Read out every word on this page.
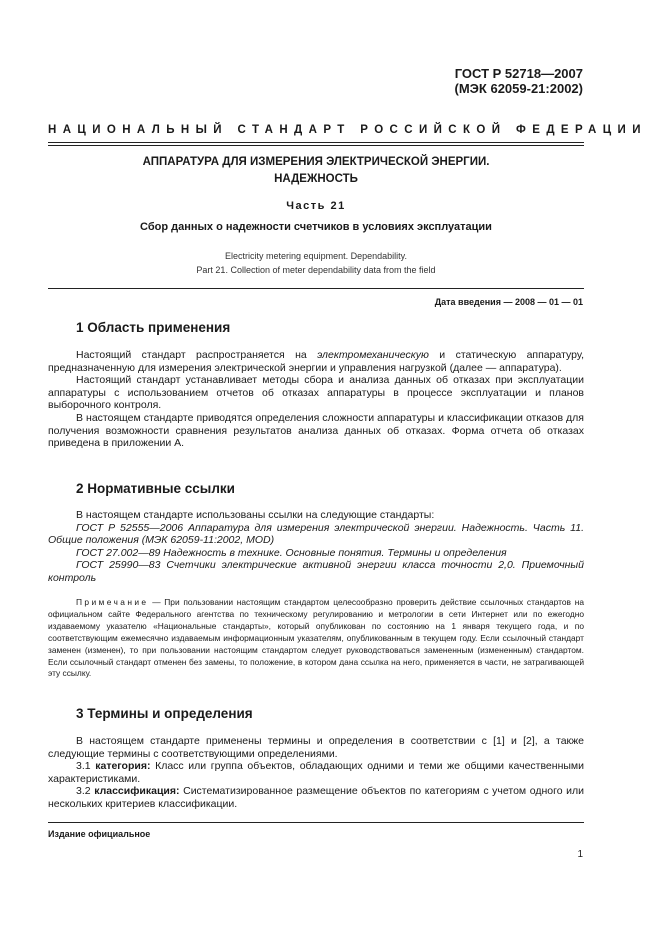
ГОСТ Р 52718—2007
(МЭК 62059-21:2002)
НАЦИОНАЛЬНЫЙ СТАНДАРТ РОССИЙСКОЙ ФЕДЕРАЦИИ
АППАРАТУРА ДЛЯ ИЗМЕРЕНИЯ ЭЛЕКТРИЧЕСКОЙ ЭНЕРГИИ.
НАДЕЖНОСТЬ
Часть 21
Сбор данных о надежности счетчиков в условиях эксплуатации
Electricity metering equipment. Dependability.
Part 21. Collection of meter dependability data from the field
Дата введения — 2008 — 01 — 01
1 Область применения

Настоящий стандарт распространяется на электромеханическую и статическую аппаратуру, предназначенную для измерения электрической энергии и управления нагрузкой (далее — аппаратура).

Настоящий стандарт устанавливает методы сбора и анализа данных об отказах при эксплуатации аппаратуры с использованием отчетов об отказах аппаратуры в процессе эксплуатации и планов выборочного контроля.

В настоящем стандарте приводятся определения сложности аппаратуры и классификации отказов для получения возможности сравнения результатов анализа данных об отказах. Форма отчета об отказах приведена в приложении А.

2 Нормативные ссылки

В настоящем стандарте использованы ссылки на следующие стандарты:

ГОСТ Р 52555—2006 Аппаратура для измерения электрической энергии. Надежность. Часть 11. Общие положения (МЭК 62059-11:2002, MOD)

ГОСТ 27.002—89 Надежность в технике. Основные понятия. Термины и определения

ГОСТ 25990—83 Счетчики электрические активной энергии класса точности 2,0. Приемочный контроль

Примечание — При пользовании настоящим стандартом целесообразно проверить действие ссылочных стандартов на официальном сайте Федерального агентства по техническому регулированию и метрологии в сети Интернет или по ежегодно издаваемому указателю «Национальные стандарты», который опубликован по состоянию на 1 января текущего года, и по соответствующим ежемесячно издаваемым информационным указателям, опубликованным в текущем году. Если ссылочный стандарт заменен (изменен), то при пользовании настоящим стандартом следует руководствоваться замененным (измененным) стандартом. Если ссылочный стандарт отменен без замены, то положение, в котором дана ссылка на него, применяется в части, не затрагивающей эту ссылку.
3 Термины и определения

В настоящем стандарте применены термины и определения в соответствии с [1] и [2], а также следующие термины с соответствующими определениями.

3.1 категория: Класс или группа объектов, обладающих одними и теми же общими качественными характеристиками.

3.2 классификация: Систематизированное размещение объектов по категориям с учетом одного или нескольких критериев классификации.

Издание официальное
1
